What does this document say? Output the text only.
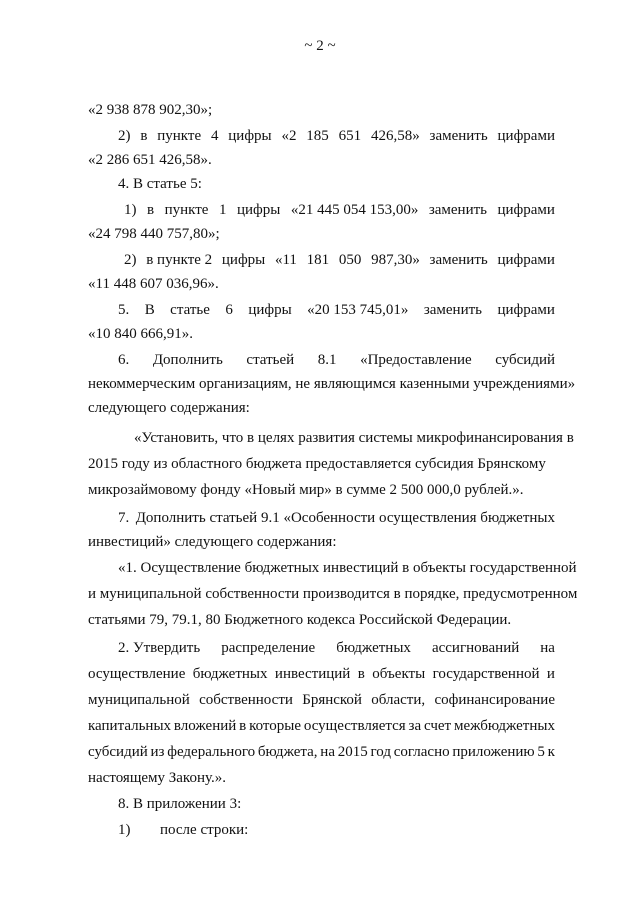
~ 2 ~
«2 938 878 902,30»;
2) в пункте 4 цифры «2 185 651 426,58» заменить цифрами
«2 286 651 426,58».
4. В статье 5:
1) в пункте 1 цифры «21 445 054 153,00» заменить цифрами
«24 798 440 757,80»;
2) в пункте 2 цифры «11 181 050 987,30» заменить цифрами
«11 448 607 036,96».
5. В статье 6 цифры «20 153 745,01» заменить цифрами
«10 840 666,91».
6. Дополнить статьей 8.1 «Предоставление субсидий
некоммерческим организациям, не являющимся казенными учреждениями»
следующего содержания:
«Установить, что в целях развития системы микрофинансирования в
2015 году из областного бюджета предоставляется субсидия Брянскому
микрозаймовому фонду «Новый мир» в сумме 2 500 000,0 рублей.».
7. Дополнить статьей 9.1 «Особенности осуществления бюджетных
инвестиций» следующего содержания:
«1. Осуществление бюджетных инвестиций в объекты государственной
и муниципальной собственности производится в порядке, предусмотренном
статьями 79, 79.1, 80 Бюджетного кодекса Российской Федерации.
2. Утвердить распределение бюджетных ассигнований на
осуществление бюджетных инвестиций в объекты государственной и
муниципальной собственности Брянской области, софинансирование
капитальных вложений в которые осуществляется за счет межбюджетных
субсидий из федерального бюджета, на 2015 год согласно приложению 5 к
настоящему Закону.».
8. В приложении 3:
1) после строки:
